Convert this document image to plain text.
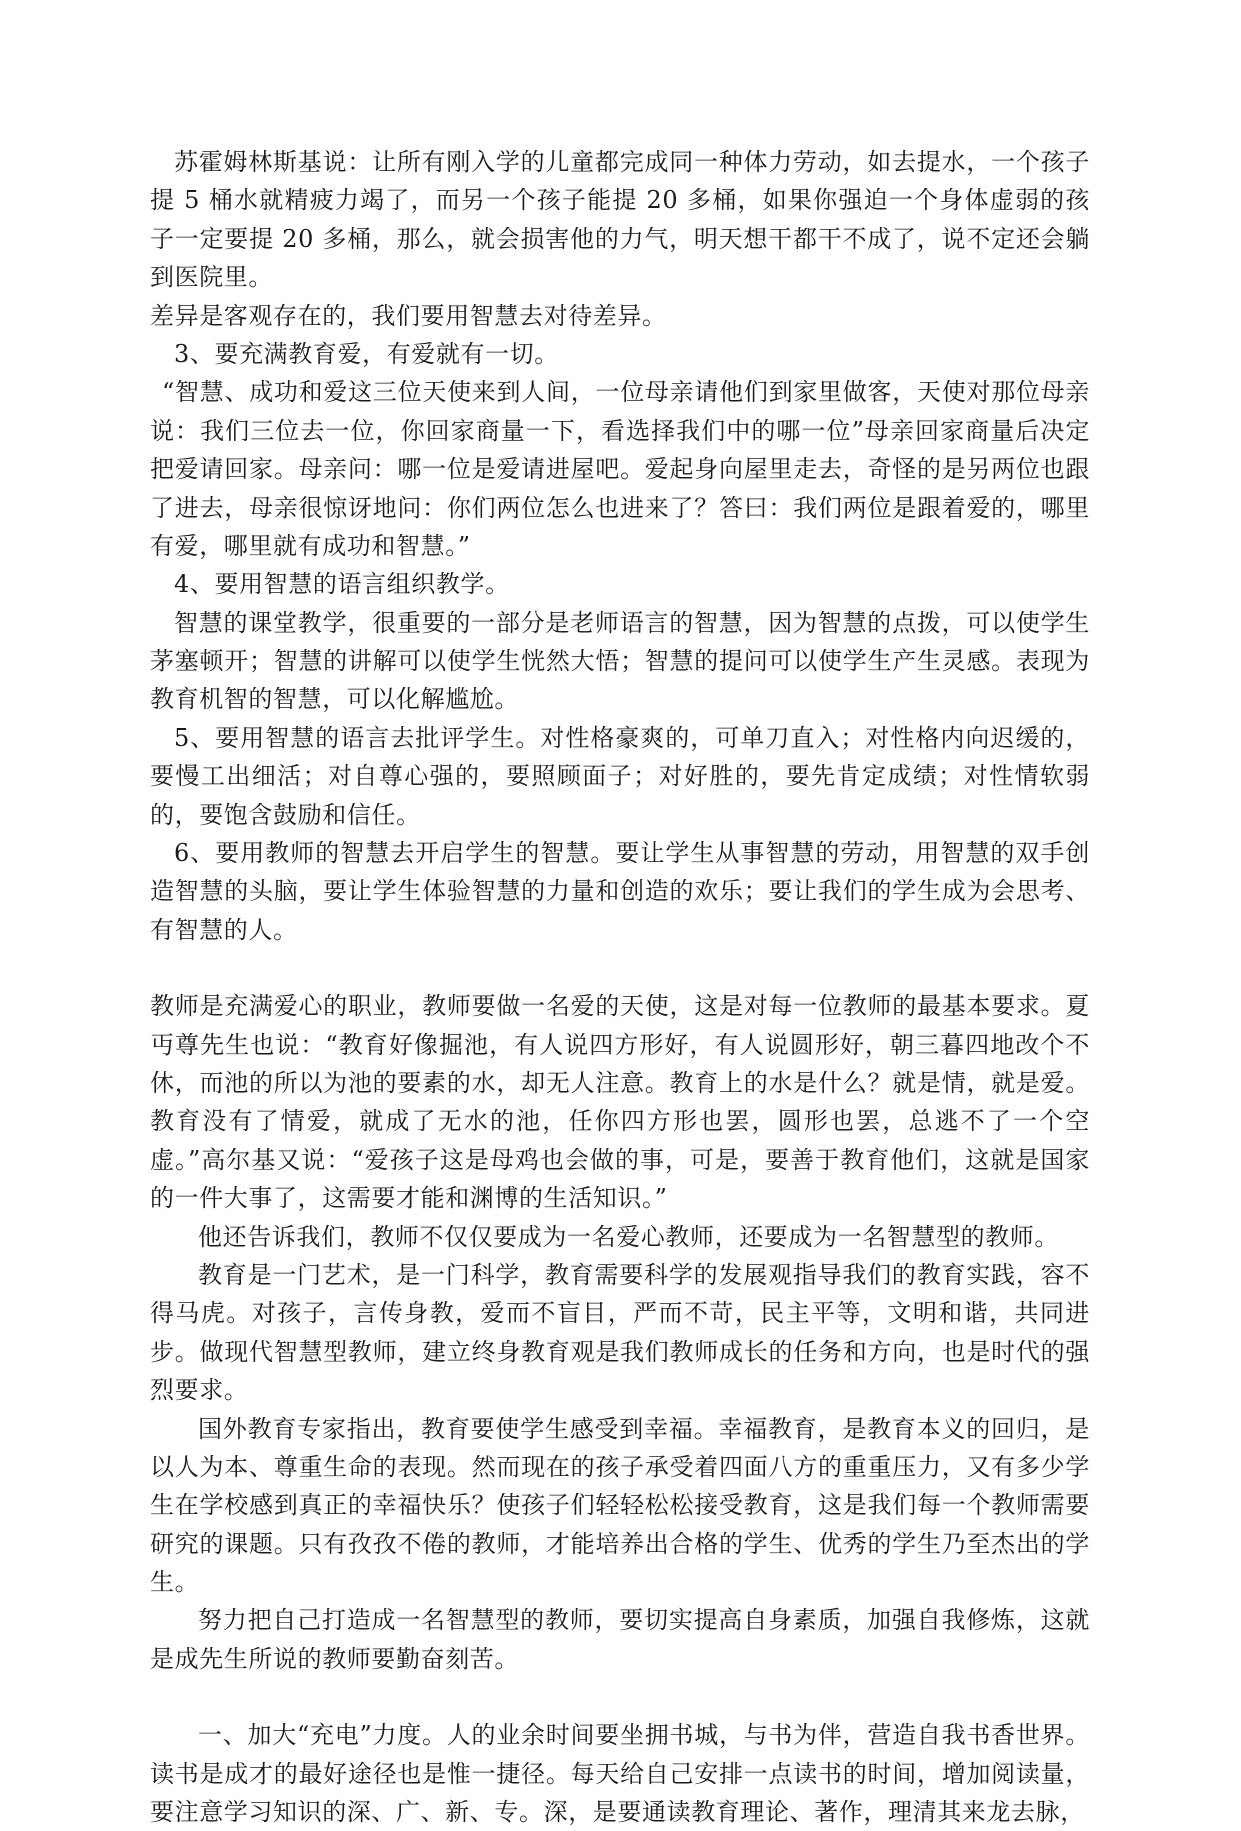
苏霍姆林斯基说：让所有刚入学的儿童都完成同一种体力劳动，如去提水，一个孩子提 5 桶水就精疲力竭了，而另一个孩子能提 20 多桶，如果你强迫一个身体虚弱的孩子一定要提 20 多桶，那么，就会损害他的力气，明天想干都干不成了，说不定还会躺到医院里。

差异是客观存在的，我们要用智慧去对待差异。

3、要充满教育爱，有爱就有一切。

“智慧、成功和爱这三位天使来到人间，一位母亲请他们到家里做客，天使对那位母亲说：我们三位去一位，你回家商量一下，看选择我们中的哪一位”母亲回家商量后决定把爱请回家。母亲问：哪一位是爱请进屋吧。爱起身向屋里走去，奇怪的是另两位也跟了进去，母亲很惊讶地问：你们两位怎么也进来了？答曰：我们两位是跟着爱的，哪里有爱，哪里就有成功和智慧。”

4、要用智慧的语言组织教学。

智慧的课堂教学，很重要的一部分是老师语言的智慧，因为智慧的点拨，可以使学生茅塞顿开；智慧的讲解可以使学生恍然大悟；智慧的提问可以使学生产生灵感。表现为教育机智的智慧，可以化解尴尬。

5、要用智慧的语言去批评学生。对性格豪爽的，可单刀直入；对性格内向迟缓的，要慢工出细活；对自尊心强的，要照顾面子；对好胜的，要先肯定成绩；对性情软弱的，要饱含鼓励和信任。

6、要用教师的智慧去开启学生的智慧。要让学生从事智慧的劳动，用智慧的双手创造智慧的头脑，要让学生体验智慧的力量和创造的欢乐；要让我们的学生成为会思考、有智慧的人。

教师是充满爱心的职业，教师要做一名爱的天使，这是对每一位教师的最基本要求。夏丏尊先生也说：“教育好像掘池，有人说四方形好，有人说圆形好，朝三暮四地改个不休，而池的所以为池的要素的水，却无人注意。教育上的水是什么？就是情，就是爱。教育没有了情爱，就成了无水的池，任你四方形也罢，圆形也罢，总逃不了一个空虚。”高尔基又说：“爱孩子这是母鸡也会做的事，可是，要善于教育他们，这就是国家的一件大事了，这需要才能和渊博的生活知识。”

他还告诉我们，教师不仅仅要成为一名爱心教师，还要成为一名智慧型的教师。

教育是一门艺术，是一门科学，教育需要科学的发展观指导我们的教育实践，容不得马虎。对孩子，言传身教，爱而不盲目，严而不苛，民主平等，文明和谐，共同进步。做现代智慧型教师，建立终身教育观是我们教师成长的任务和方向，也是时代的强烈要求。

国外教育专家指出，教育要使学生感受到幸福。幸福教育，是教育本义的回归，是以人为本、尊重生命的表现。然而现在的孩子承受着四面八方的重重压力，又有多少学生在学校感到真正的幸福快乐？使孩子们轻轻松松接受教育，这是我们每一个教师需要研究的课题。只有孜孜不倦的教师，才能培养出合格的学生、优秀的学生乃至杰出的学生。

努力把自己打造成一名智慧型的教师，要切实提高自身素质，加强自我修炼，这就是成先生所说的教师要勤奋刻苦。

一、加大“充电”力度。人的业余时间要坐拥书城，与书为伴，营造自我书香世界。读书是成才的最好途径也是惟一捷径。每天给自己安排一点读书的时间，增加阅读量，要注意学习知识的深、广、新、专。深，是要通读教育理论、著作，理清其来龙去脉，
